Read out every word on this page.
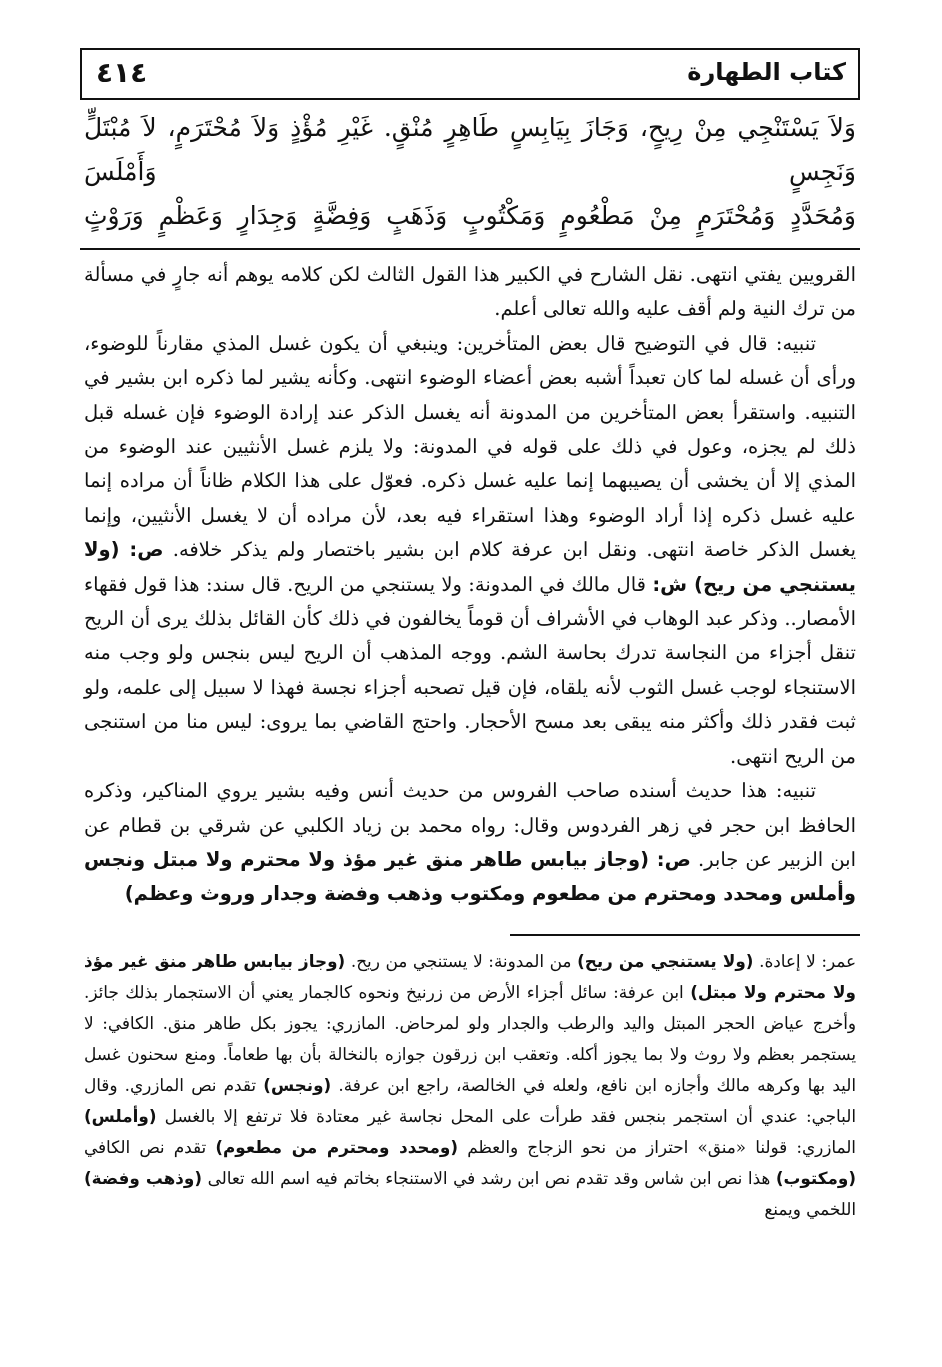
كتاب الطهارة
٤١٤
وَلاَ يَسْتَنْجِي مِنْ رِيحٍ، وَجَازَ بِيَابِسٍ طَاهِرٍ مُنْقٍ. غَيْرِ مُؤْذٍ وَلاَ مُحْتَرَمٍ، لاَ مُبْتَلٍّ وَنَجِسٍ وَأَمْلَسَ
وَمُحَدَّدٍ وَمُحْتَرَمٍ مِنْ مَطْعُومٍ وَمَكْتُوبٍ وَذَهَبٍ وَفِضَّةٍ وَجِدَارٍ وَعَظْمٍ وَرَوْثٍ

القرويين يفتي انتهى. نقل الشارح في الكبير هذا القول الثالث لكن كلامه يوهم أنه جارٍ في مسألة من ترك النية ولم أقف عليه والله تعالى أعلم.

تنبيه: قال في التوضيح قال بعض المتأخرين: وينبغي أن يكون غسل المذي مقارناً للوضوء، ورأى أن غسله لما كان تعبداً أشبه بعض أعضاء الوضوء انتهى. وكأنه يشير لما ذكره ابن بشير في التنبيه. واستقرأ بعض المتأخرين من المدونة أنه يغسل الذكر عند إرادة الوضوء فإن غسله قبل ذلك لم يجزه، وعول في ذلك على قوله في المدونة: ولا يلزم غسل الأنثيين عند الوضوء من المذي إلا أن يخشى أن يصيبهما إنما عليه غسل ذكره. فعوّل على هذا الكلام ظاناً أن مراده إنما عليه غسل ذكره إذا أراد الوضوء وهذا استقراء فيه بعد، لأن مراده أن لا يغسل الأنثيين، وإنما يغسل الذكر خاصة انتهى. ونقل ابن عرفة كلام ابن بشير باختصار ولم يذكر خلافه. ص: (ولا يستنجي من ريح) ش: قال مالك في المدونة: ولا يستنجي من الريح. قال سند: هذا قول فقهاء الأمصار.. وذكر عبد الوهاب في الأشراف أن قوماً يخالفون في ذلك كأن القائل بذلك يرى أن الريح تنقل أجزاء من النجاسة تدرك بحاسة الشم. ووجه المذهب أن الريح ليس بنجس ولو وجب منه الاستنجاء لوجب غسل الثوب لأنه يلقاه، فإن قيل تصحبه أجزاء نجسة فهذا لا سبيل إلى علمه، ولو ثبت فقدر ذلك وأكثر منه يبقى بعد مسح الأحجار. واحتج القاضي بما يروى: ليس منا من استنجى من الريح انتهى.

تنبيه: هذا حديث أسنده صاحب الفروس من حديث أنس وفيه بشير يروي المناكير، وذكره الحافظ ابن حجر في زهر الفردوس وقال: رواه محمد بن زياد الكلبي عن شرقي بن قطام عن ابن الزبير عن جابر. ص: (وجاز بيابس طاهر منق غير مؤذ ولا محترم ولا مبتل ونجس وأملس ومحدد ومحترم من مطعوم ومكتوب وذهب وفضة وجدار وروث وعظم)

عمر: لا إعادة. (ولا يستنجي من ريح) من المدونة: لا يستنجي من ريح. (وجاز بيابس طاهر منق غير مؤذ ولا محترم ولا مبتل) ابن عرفة: سائل أجزاء الأرض من زرنيخ ونحوه كالجمار يعني أن الاستجمار بذلك جائز. وأخرج عياض الحجر المبتل واليد والرطب والجدار ولو لمرحاض. المازري: يجوز بكل طاهر منق. الكافي: لا يستجمر بعظم ولا روث ولا بما يجوز أكله. وتعقب ابن زرقون جوازه بالنخالة بأن بها طعاماً. ومنع سحنون غسل اليد بها وكرهه مالك وأجازه ابن نافع، ولعله في الخالصة، راجع ابن عرفة. (ونجس) تقدم نص المازري. وقال الباجي: عندي أن استجمر بنجس فقد طرأت على المحل نجاسة غير معتادة فلا ترتفع إلا بالغسل (وأملس) المازري: قولنا «منق» احتراز من نحو الزجاج والعظم (ومحدد ومحترم من مطعوم) تقدم نص الكافي (ومكتوب) هذا نص ابن شاس وقد تقدم نص ابن رشد في الاستنجاء بخاتم فيه اسم الله تعالى (وذهب وفضة) اللخمي ويمنع
